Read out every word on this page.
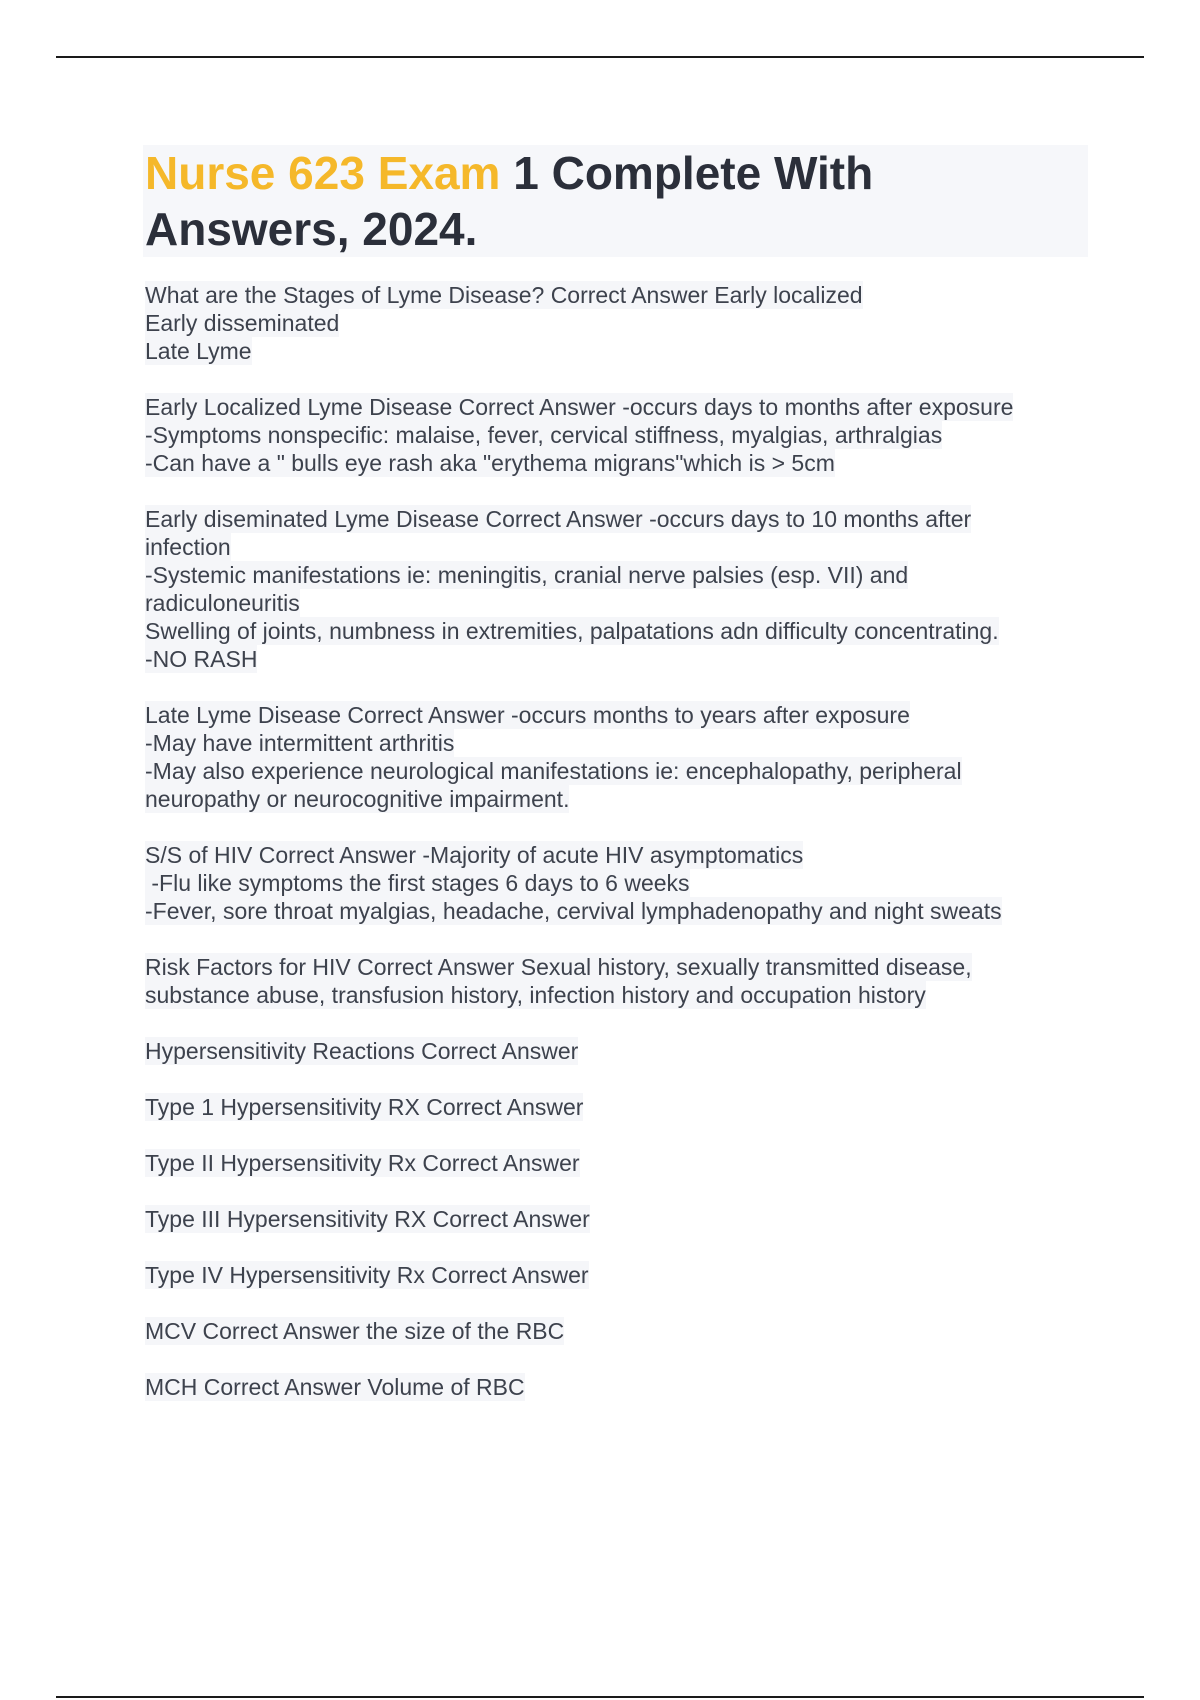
Nurse 623 Exam 1 Complete With
Answers, 2024.
What are the Stages of Lyme Disease? Correct Answer Early localized
Early disseminated
Late Lyme
Early Localized Lyme Disease Correct Answer -occurs days to months after exposure
-Symptoms nonspecific: malaise, fever, cervical stiffness, myalgias, arthralgias
-Can have a " bulls eye rash aka "erythema migrans"which is > 5cm
Early diseminated Lyme Disease Correct Answer -occurs days to 10 months after
infection
-Systemic manifestations ie: meningitis, cranial nerve palsies (esp. VII) and
radiculoneuritis
Swelling of joints, numbness in extremities, palpatations adn difficulty concentrating.
-NO RASH
Late Lyme Disease Correct Answer -occurs months to years after exposure
-May have intermittent arthritis
-May also experience neurological manifestations ie: encephalopathy, peripheral
neuropathy or neurocognitive impairment.
S/S of HIV Correct Answer -Majority of acute HIV asymptomatics
-Flu like symptoms the first stages 6 days to 6 weeks
-Fever, sore throat myalgias, headache, cervival lymphadenopathy and night sweats
Risk Factors for HIV Correct Answer Sexual history, sexually transmitted disease,
substance abuse, transfusion history, infection history and occupation history
Hypersensitivity Reactions Correct Answer
Type 1 Hypersensitivity RX Correct Answer
Type II Hypersensitivity Rx Correct Answer
Type III Hypersensitivity RX Correct Answer
Type IV Hypersensitivity Rx Correct Answer
MCV Correct Answer the size of the RBC
MCH Correct Answer Volume of RBC
